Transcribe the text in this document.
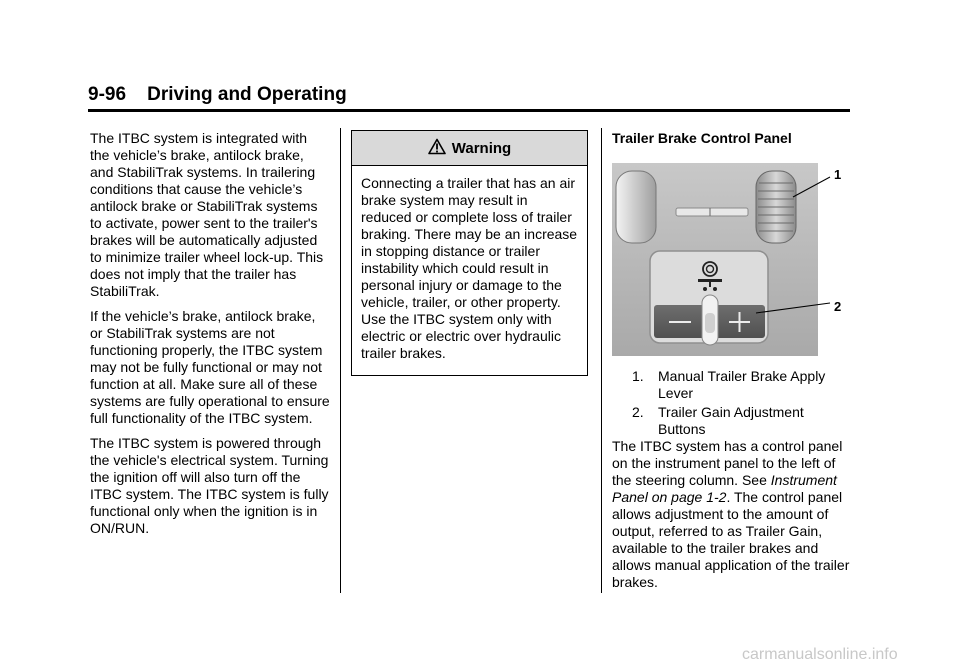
9-96 Driving and Operating

The ITBC system is integrated with the vehicle’s brake, antilock brake, and StabiliTrak systems. In trailering conditions that cause the vehicle’s antilock brake or StabiliTrak systems to activate, power sent to the trailer's brakes will be automatically adjusted to minimize trailer wheel lock-up. This does not imply that the trailer has StabiliTrak.

If the vehicle’s brake, antilock brake, or StabiliTrak systems are not functioning properly, the ITBC system may not be fully functional or may not function at all. Make sure all of these systems are fully operational to ensure full functionality of the ITBC system.

The ITBC system is powered through the vehicle's electrical system. Turning the ignition off will also turn off the ITBC system. The ITBC system is fully functional only when the ignition is in ON/RUN.

Warning
Connecting a trailer that has an air brake system may result in reduced or complete loss of trailer braking. There may be an increase in stopping distance or trailer instability which could result in personal injury or damage to the vehicle, trailer, or other property. Use the ITBC system only with electric or electric over hydraulic trailer brakes.

Trailer Brake Control Panel

1
2
1.	Manual Trailer Brake Apply Lever
2.	Trailer Gain Adjustment Buttons

The ITBC system has a control panel on the instrument panel to the left of the steering column. See Instrument Panel on page 1-2. The control panel allows adjustment to the amount of output, referred to as Trailer Gain, available to the trailer brakes and allows manual application of the trailer brakes.

carmanualsonline.info
